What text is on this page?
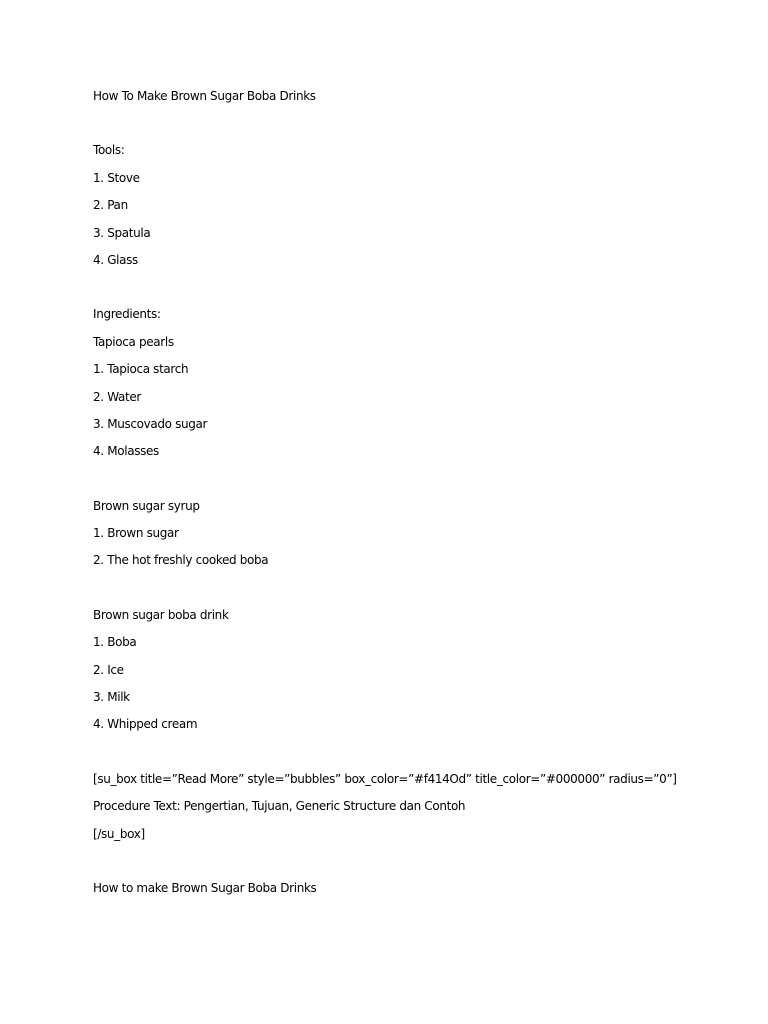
How To Make Brown Sugar Boba Drinks

Tools:

1. Stove

2. Pan

3. Spatula

4. Glass

Ingredients:

Tapioca pearls

1. Tapioca starch

2. Water

3. Muscovado sugar

4. Molasses

Brown sugar syrup

1. Brown sugar

2. The hot freshly cooked boba

Brown sugar boba drink

1. Boba

2. Ice

3. Milk

4. Whipped cream

[su_box title=”Read More” style=”bubbles” box_color=”#f414Od” title_color=”#000000” radius=”0”]

Procedure Text: Pengertian, Tujuan, Generic Structure dan Contoh

[/su_box]

How to make Brown Sugar Boba Drinks
